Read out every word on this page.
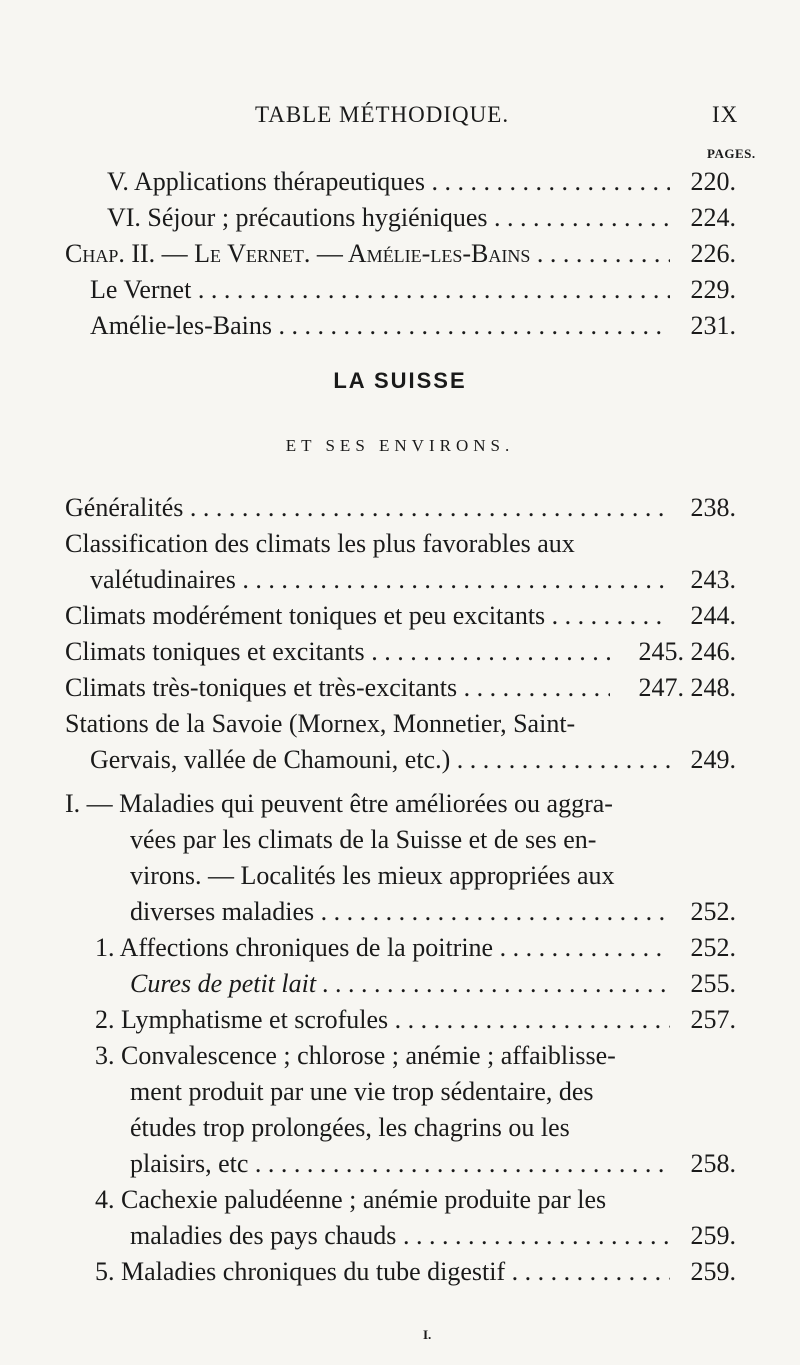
TABLE MÉTHODIQUE.	IX
PAGES.
V. Applications thérapeutiques . . .	220.
VI. Séjour ; précautions hygiéniques . . .	224.
Chap. II. — Le Vernet. — Amélie-les-Bains . . .	226.
Le Vernet . . .	229.
Amélie-les-Bains . . .	231.
LA SUISSE
ET SES ENVIRONS.
Généralités . . .	238.
Classification des climats les plus favorables aux
valétudinaires . . .	243.
Climats modérément toniques et peu excitants . . .	244.
Climats toniques et excitants . . .	245. 246.
Climats très-toniques et très-excitants . . .	247. 248.
Stations de la Savoie (Mornex, Monnetier, Saint-
Gervais, vallée de Chamouni, etc.) . . .	249.
I. — Maladies qui peuvent être améliorées ou aggra-
vées par les climats de la Suisse et de ses en-
virons. — Localités les mieux appropriées aux
diverses maladies . . .	252.
1. Affections chroniques de la poitrine . . .	252.
Cures de petit lait . . .	255.
2. Lymphatisme et scrofules . . .	257.
3. Convalescence ; chlorose ; anémie ; affaiblisse-
ment produit par une vie trop sédentaire, des
études trop prolongées, les chagrins ou les
plaisirs, etc . . .	258.
4. Cachexie paludéenne ; anémie produite par les
maladies des pays chauds . . .	259.
5. Maladies chroniques du tube digestif . . .	259.
I.
